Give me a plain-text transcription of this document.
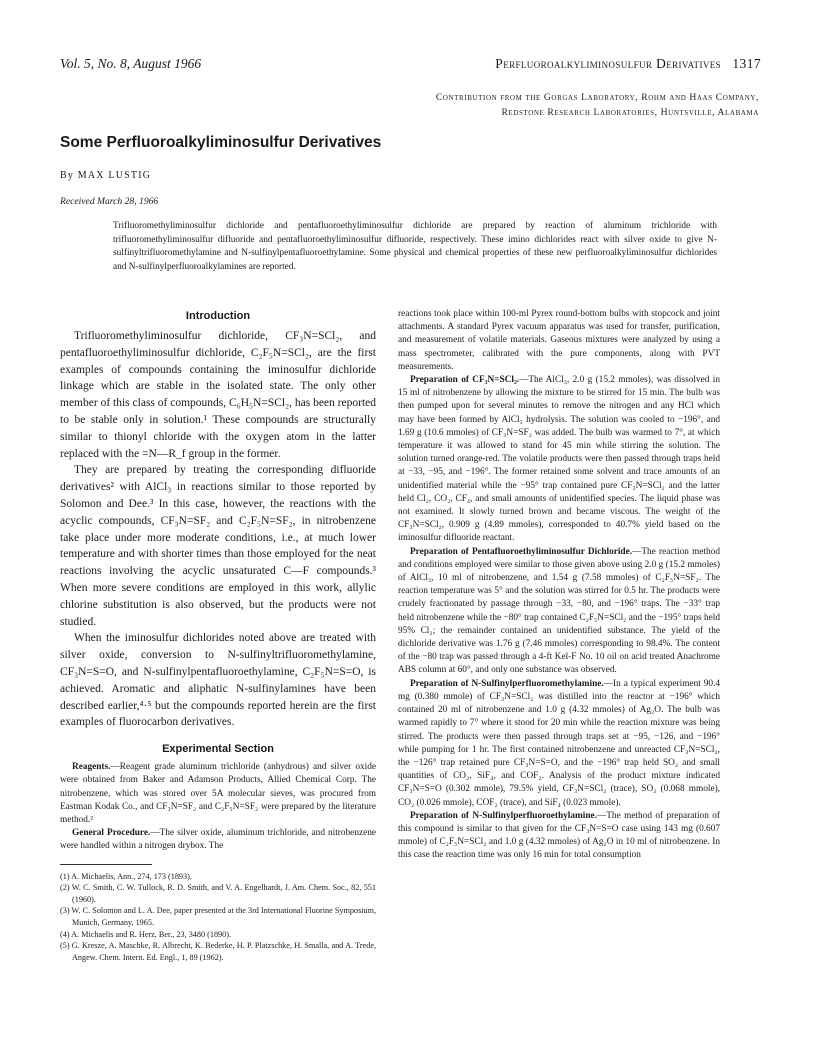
Vol. 5, No. 8, August 1966	Perfluoroalkyliminosulfur Derivatives 1317
Contribution from the Gorgas Laboratory, Rohm and Haas Company,
Redstone Research Laboratories, Huntsville, Alabama
Some Perfluoroalkyliminosulfur Derivatives
By MAX LUSTIG
Received March 28, 1966
Trifluoromethyliminosulfur dichloride and pentafluoroethyliminosulfur dichloride are prepared by reaction of aluminum trichloride with trifluoromethyliminosulfur difluoride and pentafluoroethyliminosulfur difluoride, respectively. These imino dichlorides react with silver oxide to give N-sulfinyltrifluoromethylamine and N-sulfinylpentafluoroethylamine. Some physical and chemical properties of these new perfluoroalkyliminosulfur dichlorides and N-sulfinylperfluoroalkylamines are reported.
Introduction

Trifluoromethyliminosulfur dichloride, CF₃N=SCl₂, and pentafluoroethyliminosulfur dichloride, C₂F₅N=SCl₂, are the first examples of compounds containing the iminosulfur dichloride linkage which are stable in the isolated state. The only other member of this class of compounds, C₆H₅N=SCl₂, has been reported to be stable only in solution.¹ These compounds are structurally similar to thionyl chloride with the oxygen atom in the latter replaced with the =N—R_f group in the former.

They are prepared by treating the corresponding difluoride derivatives² with AlCl₃ in reactions similar to those reported by Solomon and Dee.³ In this case, however, the reactions with the acyclic compounds, CF₃N=SF₂ and C₂F₅N=SF₂, in nitrobenzene take place under more moderate conditions, i.e., at much lower temperature and with shorter times than those employed for the neat reactions involving the acyclic unsaturated C—F compounds.³ When more severe conditions are employed in this work, allylic chlorine substitution is also observed, but the products were not studied.

When the iminosulfur dichlorides noted above are treated with silver oxide, conversion to N-sulfinyltrifluoromethylamine, CF₃N=S=O, and N-sulfinylpentafluoroethylamine, C₂F₅N=S=O, is achieved. Aromatic and aliphatic N-sulfinylamines have been described earlier,⁴·⁵ but the compounds reported herein are the first examples of fluorocarbon derivatives.

Experimental Section

Reagents.—Reagent grade aluminum trichloride (anhydrous) and silver oxide were obtained from Baker and Adamson Products, Allied Chemical Corp. The nitrobenzene, which was stored over 5A molecular sieves, was procured from Eastman Kodak Co., and CF₃N=SF₂ and C₂F₅N=SF₂ were prepared by the literature method.²

General Procedure.—The silver oxide, aluminum trichloride, and nitrobenzene were handled within a nitrogen drybox. The

(1) A. Michaelis, Ann., 274, 173 (1893).

(2) W. C. Smith, C. W. Tullock, R. D. Smith, and V. A. Engelhardt, J. Am. Chem. Soc., 82, 551 (1960).

(3) W. C. Solomon and L. A. Dee, paper presented at the 3rd International Fluorine Symposium, Munich, Germany, 1965.

(4) A. Michaelis and R. Herz, Ber., 23, 3480 (1890).

(5) G. Kresze, A. Maschke, R. Albrecht, K. Bederke, H. P. Platzschke, H. Smalla, and A. Trede, Angew. Chem. Intern. Ed. Engl., 1, 89 (1962).

reactions took place within 100-ml Pyrex round-bottom bulbs with stopcock and joint attachments. A standard Pyrex vacuum apparatus was used for transfer, purification, and measurement of volatile materials. Gaseous mixtures were analyzed by using a mass spectrometer, calibrated with the pure components, along with PVT measurements.

Preparation of CF₃N=SCl₂.—The AlCl₃, 2.0 g (15.2 mmoles), was dissolved in 15 ml of nitrobenzene by allowing the mixture to be stirred for 15 min. The bulb was then pumped upon for several minutes to remove the nitrogen and any HCl which may have been formed by AlCl₃ hydrolysis. The solution was cooled to −196°, and 1.69 g (10.6 mmoles) of CF₃N=SF₂ was added. The bulb was warmed to 7°, at which temperature it was allowed to stand for 45 min while stirring the solution. The solution turned orange-red. The volatile products were then passed through traps held at −33, −95, and −196°. The former retained some solvent and trace amounts of an unidentified material while the −95° trap contained pure CF₃N=SCl₂ and the latter held Cl₂, CO₂, CF₄, and small amounts of unidentified species. The liquid phase was not examined. It slowly turned brown and became viscous. The weight of the CF₃N=SCl₂, 0.909 g (4.89 mmoles), corresponded to 40.7% yield based on the iminosulfur difluoride reactant.

Preparation of Pentafluoroethyliminosulfur Dichloride.—The reaction method and conditions employed were similar to those given above using 2.0 g (15.2 mmoles) of AlCl₃, 10 ml of nitrobenzene, and 1.54 g (7.58 mmoles) of C₂F₅N=SF₂. The reaction temperature was 5° and the solution was stirred for 0.5 hr. The products were crudely fractionated by passage through −33, −80, and −196° traps. The −33° trap held nitrobenzene while the −80° trap contained C₂F₅N=SCl₂ and the −195° traps held 95% Cl₂; the remainder contained an unidentified substance. The yield of the dichloride derivative was 1.76 g (7.46 mmoles) corresponding to 98.4%. The content of the −80 trap was passed through a 4-ft Kel-F No. 10 oil on acid treated Anachrome ABS column at 60°, and only one substance was observed.

Preparation of N-Sulfinylperfluoromethylamine.—In a typical experiment 90.4 mg (0.380 mmole) of CF₃N=SCl₂ was distilled into the reactor at −196° which contained 20 ml of nitrobenzene and 1.0 g (4.32 mmoles) of Ag₂O. The bulb was warmed rapidly to 7° where it stood for 20 min while the reaction mixture was being stirred. The products were then passed through traps set at −95, −126, and −196° while pumping for 1 hr. The first contained nitrobenzene and unreacted CF₃N=SCl₂, the −126° trap retained pure CF₃N=S=O, and the −196° trap held SO₂ and small quantities of CO₂, SiF₄, and COF₂. Analysis of the product mixture indicated CF₃N=S=O (0.302 mmole), 79.5% yield, CF₃N=SCl₂ (trace), SO₂ (0.068 mmole), CO₂ (0.026 mmole), COF₂ (trace), and SiF₄ (0.023 mmole).

Preparation of N-Sulfinylperfluoroethylamine.—The method of preparation of this compound is similar to that given for the CF₃N=S=O case using 143 mg (0.607 mmole) of C₂F₅N=SCl₂ and 1.0 g (4.32 mmoles) of Ag₂O in 10 ml of nitrobenzene. In this case the reaction time was only 16 min for total consumption
